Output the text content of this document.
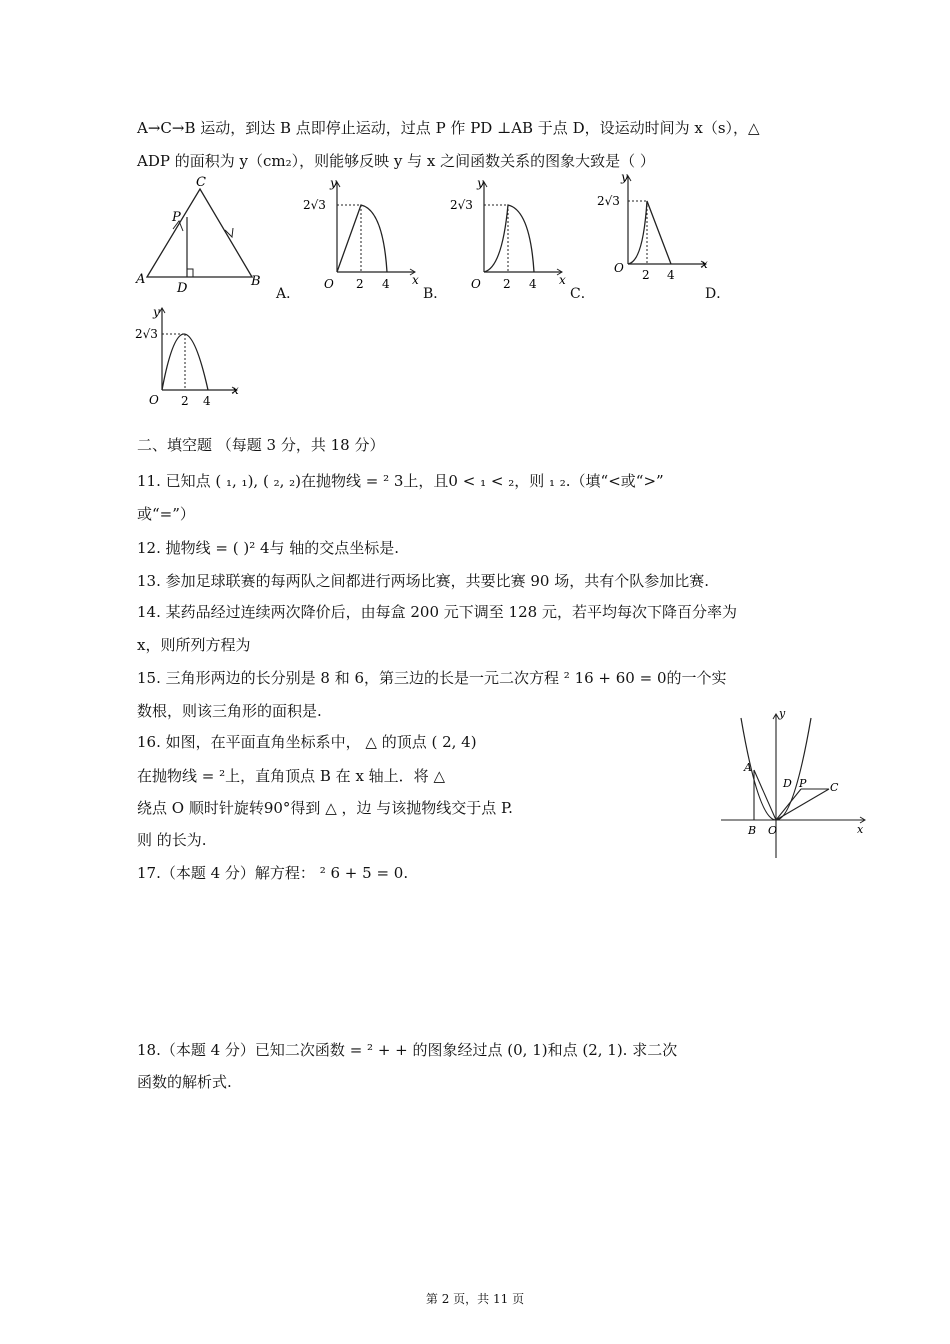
A→C→B 运动，到达 B 点即停止运动，过点 P 作 PD ⊥AB 于点 D，设运动时间为 x（s），△
ADP 的面积为 y（cm₂），则能够反映 y 与 x 之间函数关系的图象大致是（ ）
A
C
B
P
D	A．
2√3
y
x
O 2 4
B．
2√3
y
x
O 2 4
C．
2√3
y
x
O 2 4
D．
2√3
y
x
O 2 4
二、填空题 （每题 3 分，共 18 分）
11. 已知点 ( ₁, ₁), ( ₂, ₂)在抛物线 = ² 3上，且0 < ₁ < ₂，则 ₁ ₂.（填“<或“>”
或“=”）
12. 抛物线 = ( )² 4与 轴的交点坐标是.
13. 参加足球联赛的每两队之间都进行两场比赛，共要比赛 90 场，共有个队参加比赛.
14. 某药品经过连续两次降价后，由每盒 200 元下调至 128 元，若平均每次下降百分率为
x，则所列方程为
15. 三角形两边的长分别是 8 和 6，第三边的长是一元二次方程 ² 16 + 60 = 0的一个实
数根，则该三角形的面积是.
16. 如图，在平面直角坐标系中， △ 的顶点 ( 2, 4)
在抛物线 = ²上，直角顶点 B 在 x 轴上．将 △
绕点 O 顺时针旋转90°得到 △ ，边 与该抛物线交于点 P.
则 的长为.
y
x
A
B O
D P C
17.（本题 4 分）解方程： ² 6 + 5 = 0.
18.（本题 4 分）已知二次函数 = ² + + 的图象经过点 (0, 1)和点 (2, 1). 求二次
函数的解析式.
第 2 页，共 11 页
